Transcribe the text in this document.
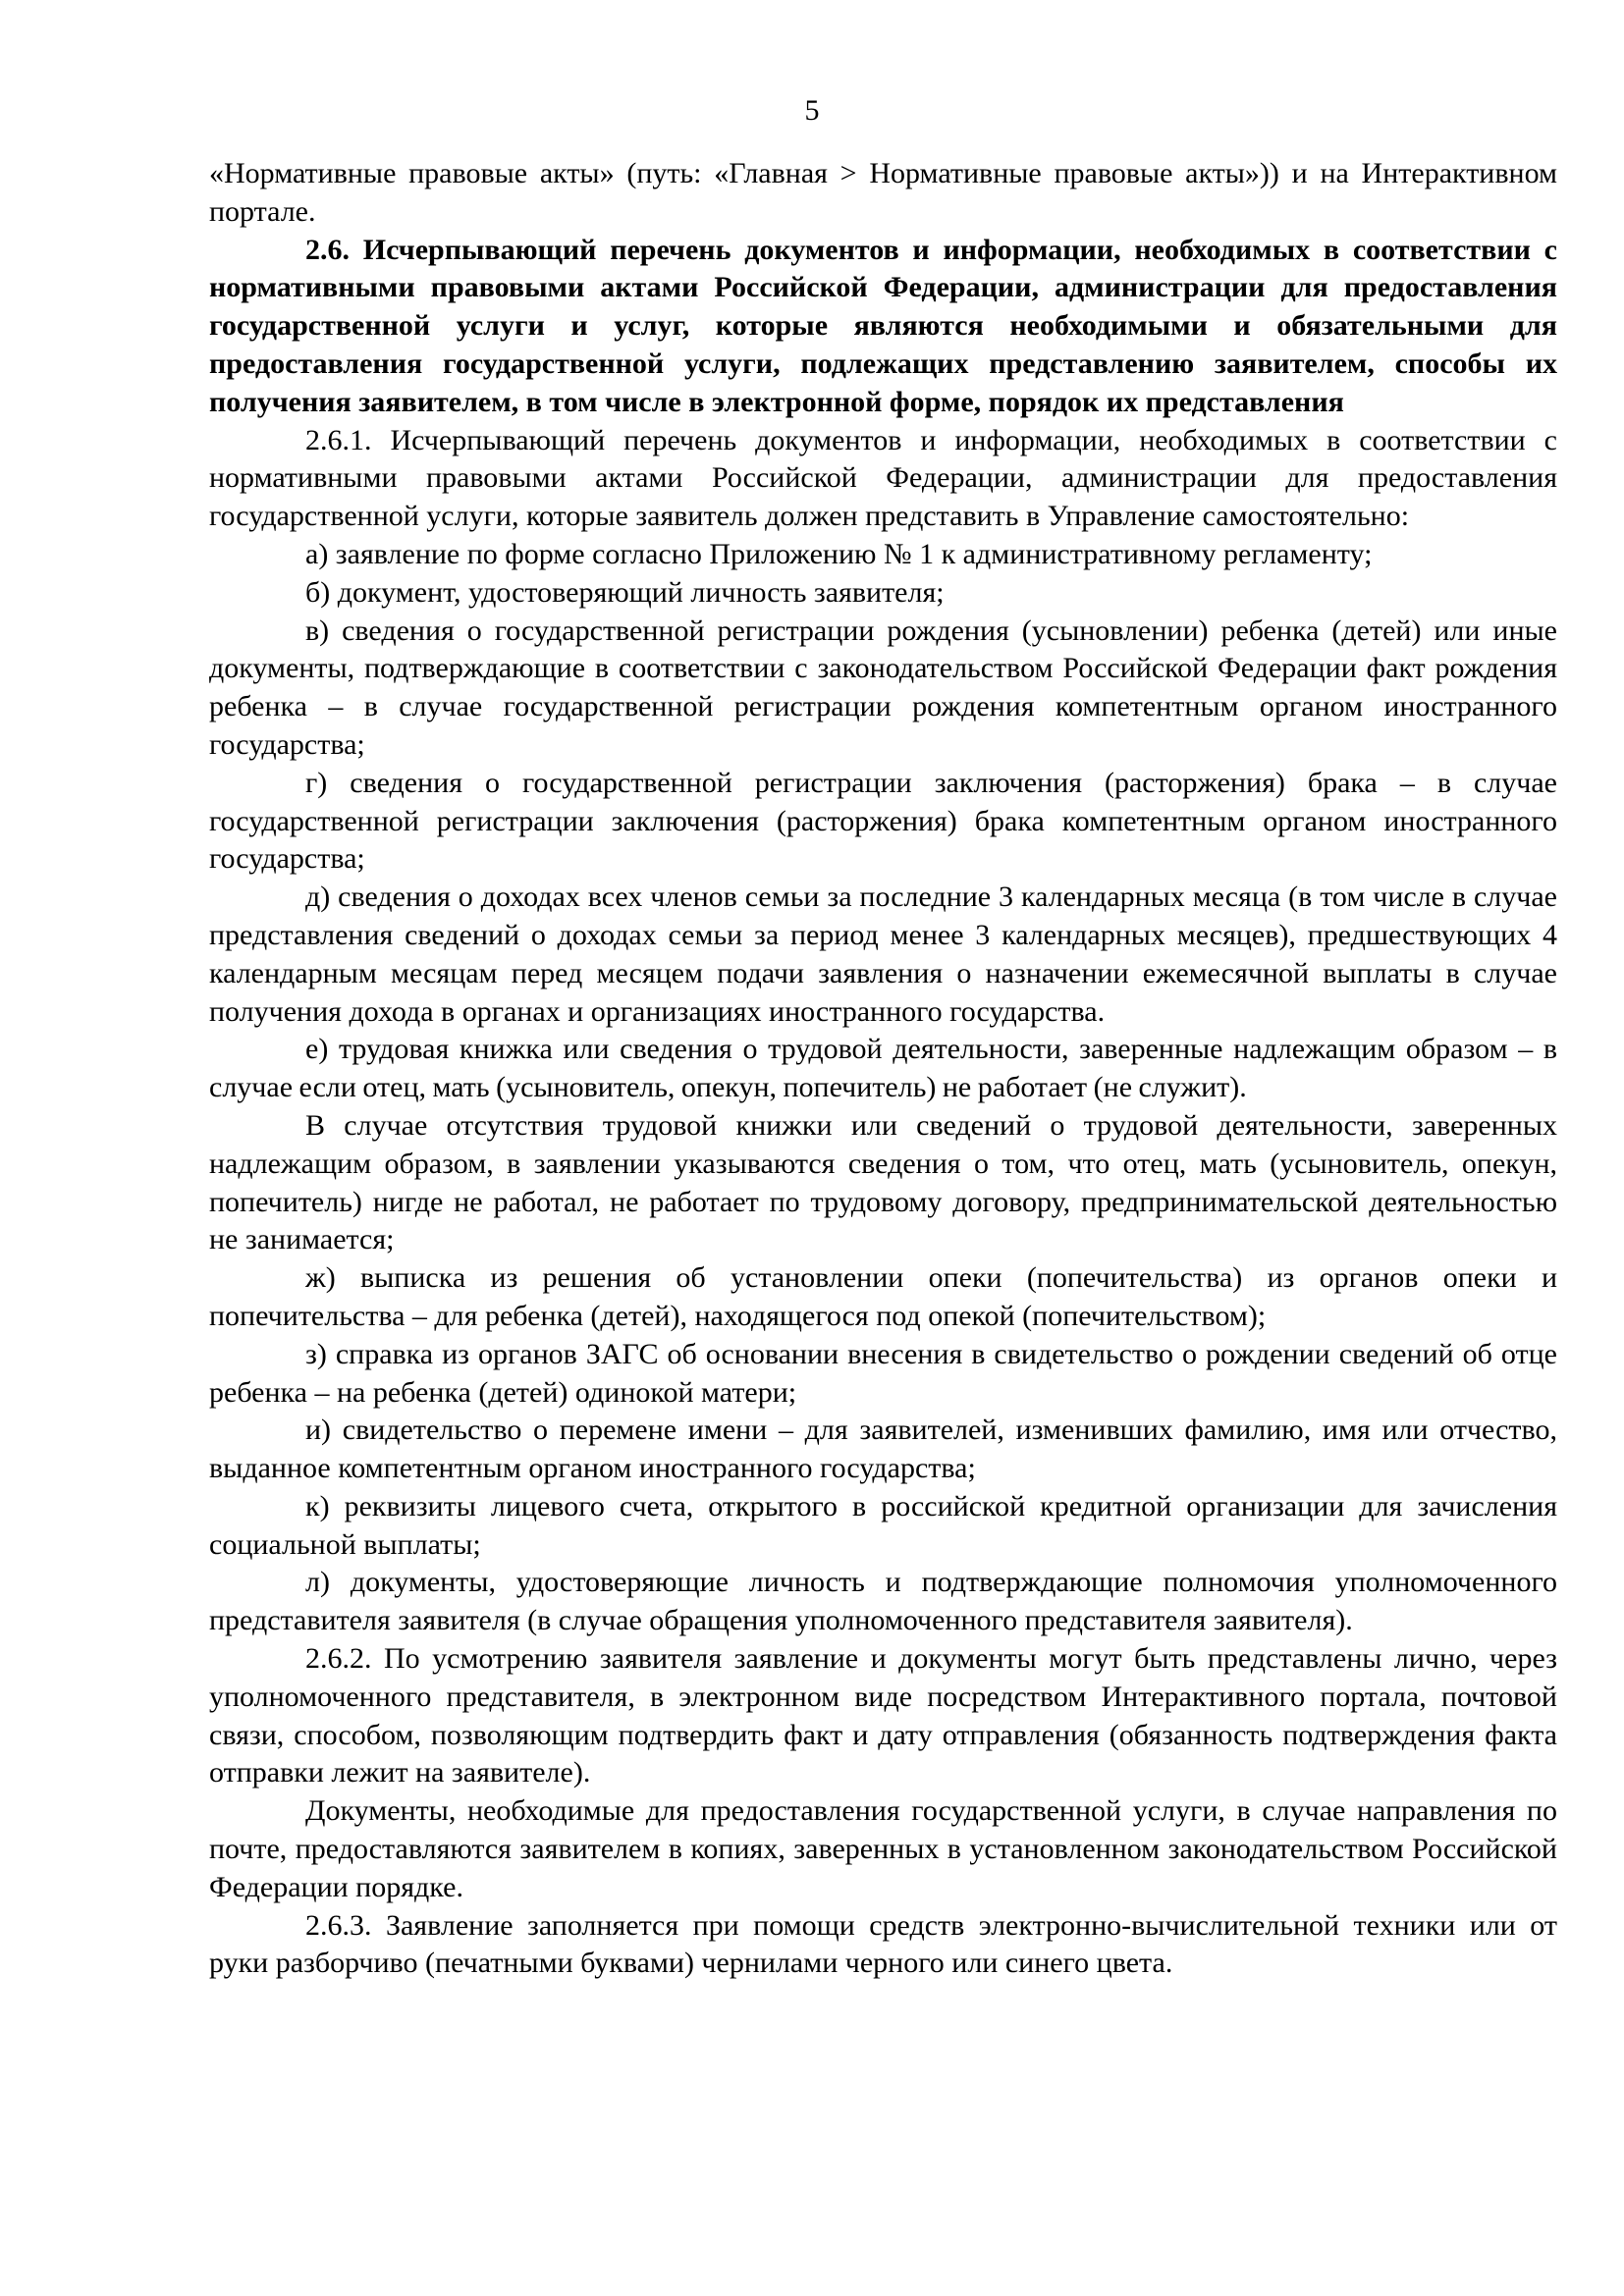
5

«Нормативные правовые акты» (путь: «Главная > Нормативные правовые акты»)) и на Интерактивном портале.

2.6. Исчерпывающий перечень документов и информации, необходимых в соответствии с нормативными правовыми актами Российской Федерации, администрации для предоставления государственной услуги и услуг, которые являются необходимыми и обязательными для предоставления государственной услуги, подлежащих представлению заявителем, способы их получения заявителем, в том числе в электронной форме, порядок их представления

2.6.1. Исчерпывающий перечень документов и информации, необходимых в соответствии с нормативными правовыми актами Российской Федерации, администрации для предоставления государственной услуги, которые заявитель должен представить в Управление самостоятельно:

а) заявление по форме согласно Приложению № 1 к административному регламенту;

б) документ, удостоверяющий личность заявителя;

в) сведения о государственной регистрации рождения (усыновлении) ребенка (детей) или иные документы, подтверждающие в соответствии с законодательством Российской Федерации факт рождения ребенка – в случае государственной регистрации рождения компетентным органом иностранного государства;

г) сведения о государственной регистрации заключения (расторжения) брака – в случае государственной регистрации заключения (расторжения) брака компетентным органом иностранного государства;

д) сведения о доходах всех членов семьи за последние 3 календарных месяца (в том числе в случае представления сведений о доходах семьи за период менее 3 календарных месяцев), предшествующих 4 календарным месяцам перед месяцем подачи заявления о назначении ежемесячной выплаты в случае получения дохода в органах и организациях иностранного государства.

е) трудовая книжка или сведения о трудовой деятельности, заверенные надлежащим образом – в случае если отец, мать (усыновитель, опекун, попечитель) не работает (не служит).

В случае отсутствия трудовой книжки или сведений о трудовой деятельности, заверенных надлежащим образом, в заявлении указываются сведения о том, что отец, мать (усыновитель, опекун, попечитель) нигде не работал, не работает по трудовому договору, предпринимательской деятельностью не занимается;

ж) выписка из решения об установлении опеки (попечительства) из органов опеки и попечительства – для ребенка (детей), находящегося под опекой (попечительством);

з) справка из органов ЗАГС об основании внесения в свидетельство о рождении сведений об отце ребенка – на ребенка (детей) одинокой матери;

и) свидетельство о перемене имени – для заявителей, изменивших фамилию, имя или отчество, выданное компетентным органом иностранного государства;

к) реквизиты лицевого счета, открытого в российской кредитной организации для зачисления социальной выплаты;

л) документы, удостоверяющие личность и подтверждающие полномочия уполномоченного представителя заявителя (в случае обращения уполномоченного представителя заявителя).

2.6.2. По усмотрению заявителя заявление и документы могут быть представлены лично, через уполномоченного представителя, в электронном виде посредством Интерактивного портала, почтовой связи, способом, позволяющим подтвердить факт и дату отправления (обязанность подтверждения факта отправки лежит на заявителе).

Документы, необходимые для предоставления государственной услуги, в случае направления по почте, предоставляются заявителем в копиях, заверенных в установленном законодательством Российской Федерации порядке.

2.6.3. Заявление заполняется при помощи средств электронно-вычислительной техники или от руки разборчиво (печатными буквами) чернилами черного или синего цвета.
